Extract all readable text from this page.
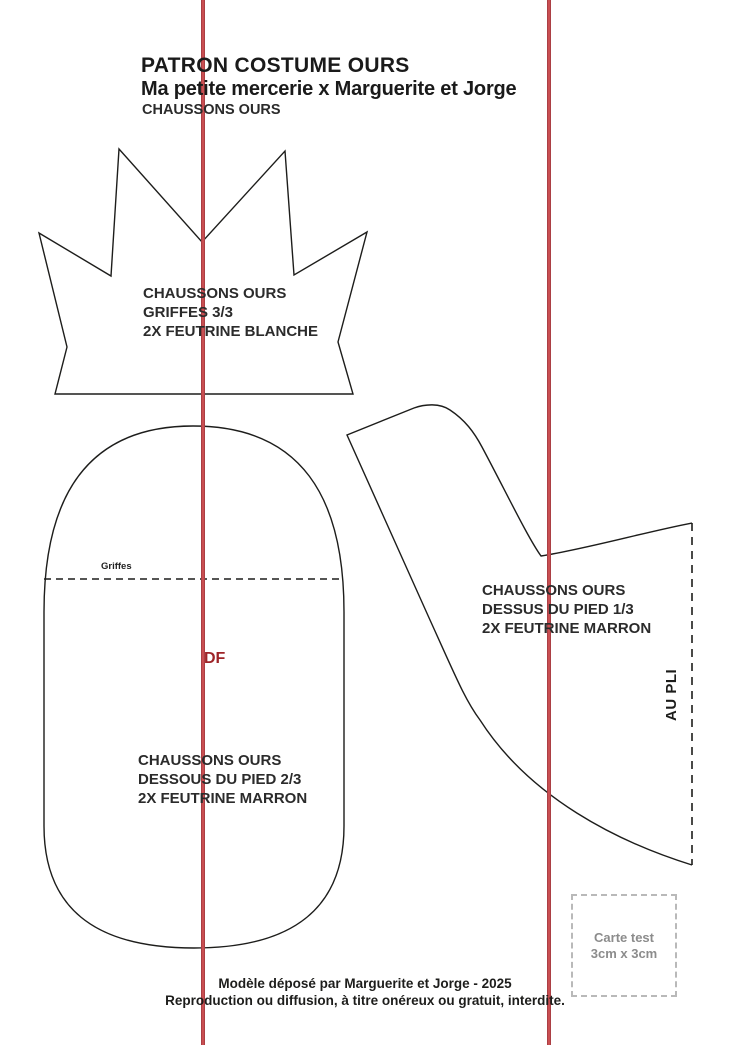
PATRON COSTUME OURS
Ma petite mercerie x Marguerite et Jorge
CHAUSSONS OURS
CHAUSSONS OURS
GRIFFES 3/3
2X FEUTRINE BLANCHE
CHAUSSONS OURS
DESSUS DU PIED 1/3
2X FEUTRINE MARRON
CHAUSSONS OURS
DESSOUS DU PIED 2/3
2X FEUTRINE MARRON
Griffes
DF
AU PLI
Carte test
3cm x 3cm
Modèle déposé par Marguerite et Jorge - 2025
Reproduction ou diffusion, à titre onéreux ou gratuit, interdite.
